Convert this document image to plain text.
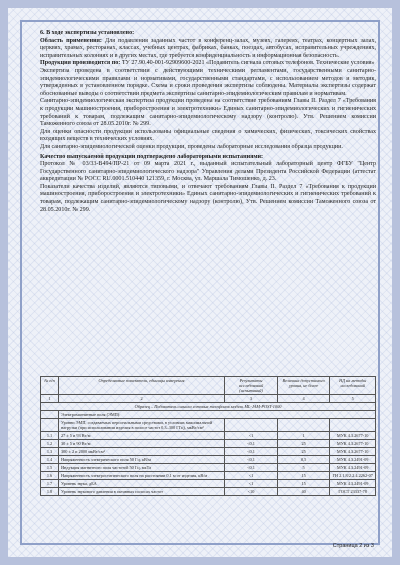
6. В ходе экспертизы установлено:

Область применения: Для подавления заданных частот в конференц-залах, музеях, галереях, театрах, концертных залах, церквях, храмах, ресторанах, классах, учебных центрах, фабриках, банках, поездах, автобусах, исправительных учреждениях, исправительных колониях и в других местах, где требуется конфиденциальность и информационная безопасность.

Продукция производится по: ТУ 27.90.40-001-92909600-2021 «Подавитель сигнала сотовых телефонов. Технические условия»

Экспертиза проведена в соответствии с действующими техническими регламентами, государственными санитарно-эпидемиологическими правилами и нормативами, государственными стандартами, с использованием методов и методик, утвержденных в установленном порядке. Схема и сроки проведения экспертизы соблюдены. Материалы экспертизы содержат обоснованные выводы о соответствии предмета экспертизы санитарно-эпидемиологическим правилам и нормативам.

Санитарно-эпидемиологическая экспертиза продукции проведена на соответствие требованиям Главы II. Раздел 7 «Требования к продукции машиностроения, приборостроения и электротехники» Единых санитарно-эпидемиологических и гигиенических требований к товарам, подлежащим санитарно-эпидемиологическому надзору (контролю). Утв. Решением комиссии Таможенного союза от 28.05.2010г. № 299.

Для оценки опасности продукции использованы официальные сведения о химических, физических, токсических свойствах входящих веществ в технических условиях.

Для санитарно-эпидемиологической оценки продукции, проведены лабораторные исследования образца продукции.

Качество выпускаемой продукции подтверждено лабораторными испытаниями:

Протокол № 03/33-В494/ПР-21 от 09 марта 2021 г., выданный испытательный лабораторный центр ФГБУ "Центр Государственного санитарно-эпидемиологического надзора" Управления делами Президента Российской Федерации (аттестат аккредитации № РОСС RU.0001.510440 121359, г. Москва, ул. Маршала Тимошенко, д. 23.

Показатели качества изделий, являются типовыми, и отвечают требованиям Главы II. Раздел 7 «Требования к продукции машиностроения, приборостроения и электротехники» Единых санитарно-эпидемиологических и гигиенических требований к товарам, подлежащим санитарно-эпидемиологическому надзору (контролю), Утв. Решением комиссии Таможенного союза от 28.05.2010г. № 299.

№ п/п	Определяемые показатели, единицы измерения	Результаты исследований (испытаний)	Величина допустимого уровня, не более	НД на методы исследований
1	2	3	4	5
Образец – Подавитель сигнала сотовых телефонов модель ML-JAM-POST-1000				
	Электромагнитные поля (ЭМП):			
	Уровни ЭМП, создаваемых персональными средствами, в условиях максимальной нагрузки (при использовании изделия в полосе частот 0,3–300 ГГц), мкВт/см²			
1.1	27 ± 5 и 93 Вт/м	<1	1	МУК 4.3.2677-10
1.2	30 ± 5 и 90 Вт/м	<0,1	25	МУК 4.3.2677-10
1.3	300 ± 2 и 2000 мкВт/см²	<0,1	25	МУК 4.3.2677-10
1.4	Напряженность электрического поля 50 Гц, кВ/м	<0,1	0,5	МУК 4.3.2491-09
1.5	Индукция магнитного поля частотой 50 Гц, мкТл	<0,1	5	МУК 4.3.2491-09
1.6	Напряженность электростатического поля на расстоянии 0,1 м от изделия, кВ/м	<1	15	ГН 2.1.8/2.2.4.2262-07
1.7	Уровень звука, дБА	<1	15	МУК 4.3.2491-09
1.8	Уровень звукового давления в октавных полосах частот	<10	40	ГОСТ 23337-78
Страница 2 из 3
